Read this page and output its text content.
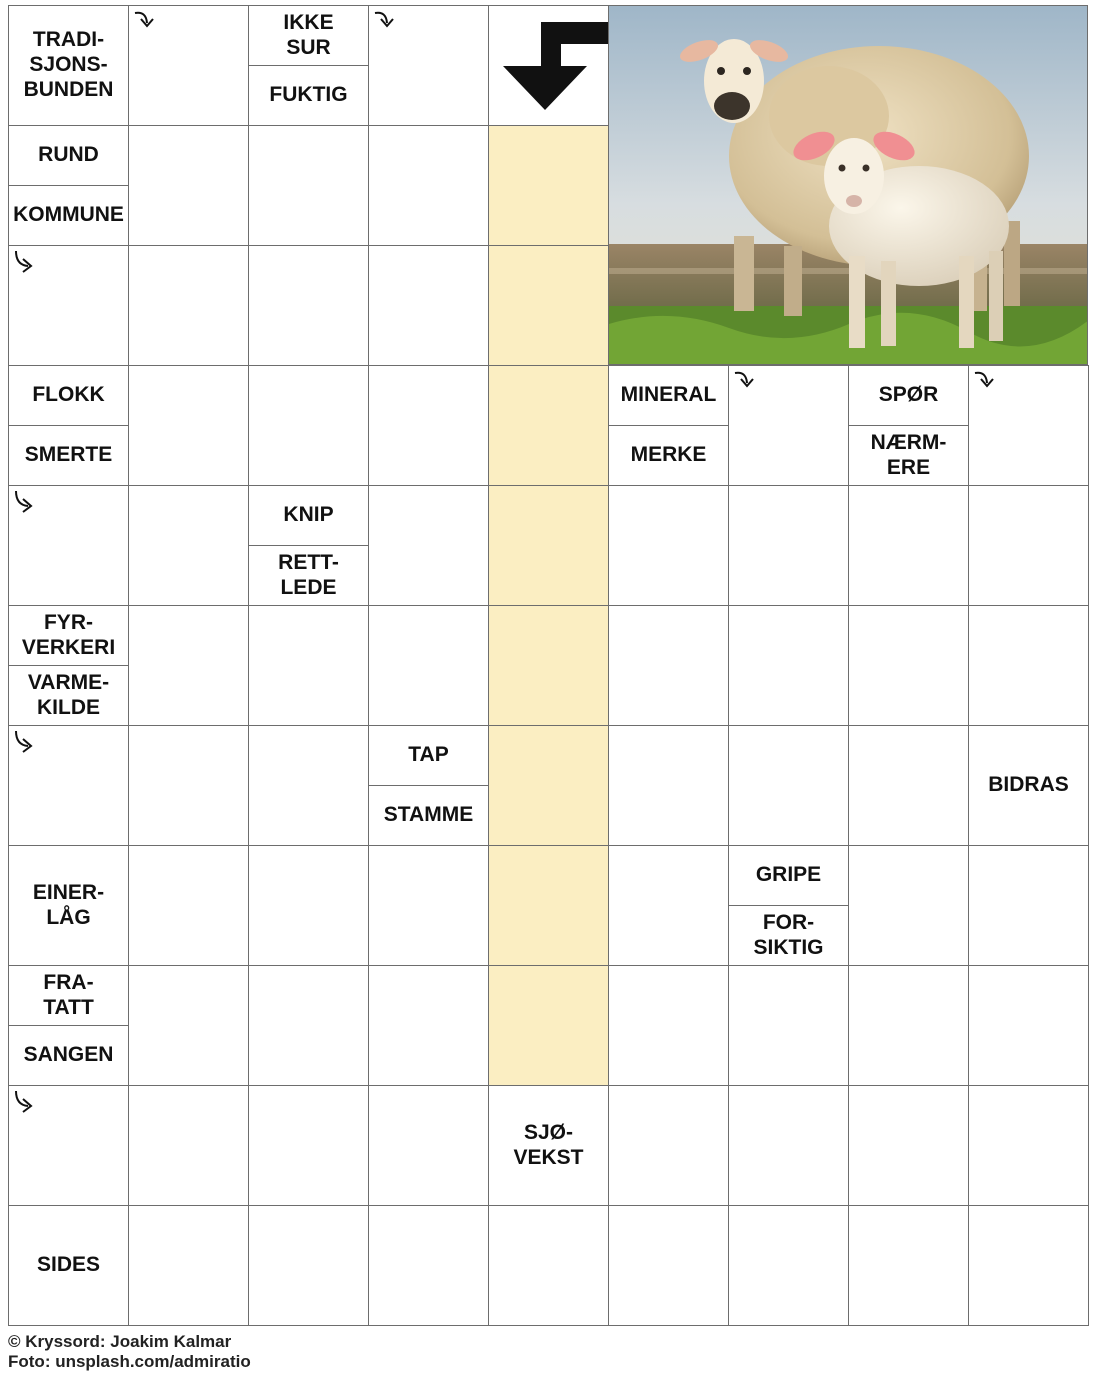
TRADI-
SJONS-
BUNDEN
IKKE
SUR
FUKTIG
RUND
KOMMUNE
FLOKK
SMERTE
MINERAL
MERKE
SPØR
NÆRM-
ERE
KNIP
RETT-
LEDE
FYR-
VERKERI
VARME-
KILDE
TAP
STAMME
BIDRAS
EINER-
LÅG
GRIPE
FOR-
SIKTIG
FRA-
TATT
SANGEN
SJØ-
VEKST
SIDES
© Kryssord: Joakim Kalmar
Foto: unsplash.com/admiratio
